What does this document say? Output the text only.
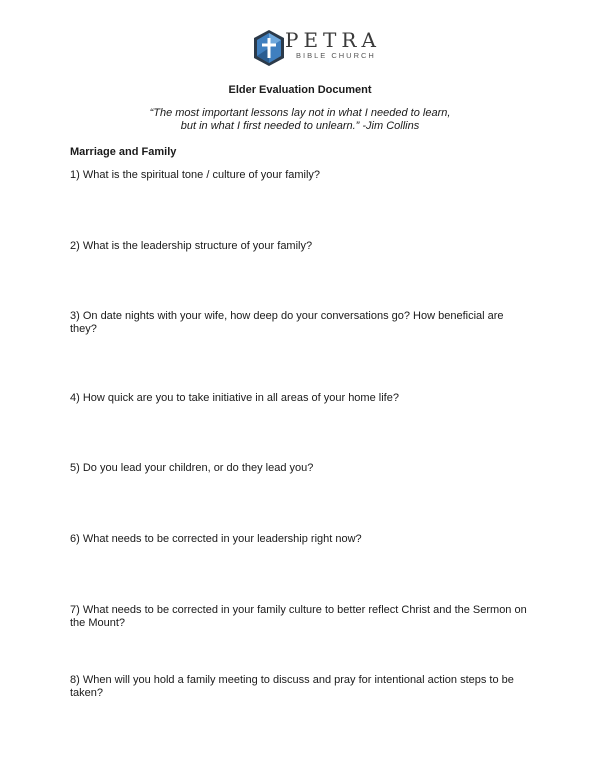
PETRA
BIBLE CHURCH
Elder Evaluation Document
“The most important lessons lay not in what I needed to learn,
but in what I first needed to unlearn.” -Jim Collins
Marriage and Family
1) What is the spiritual tone / culture of your family?
2) What is the leadership structure of your family?
3) On date nights with your wife, how deep do your conversations go? How beneficial are they?
4) How quick are you to take initiative in all areas of your home life?
5) Do you lead your children, or do they lead you?
6) What needs to be corrected in your leadership right now?
7) What needs to be corrected in your family culture to better reflect Christ and the Sermon on the Mount?
8) When will you hold a family meeting to discuss and pray for intentional action steps to be taken?
